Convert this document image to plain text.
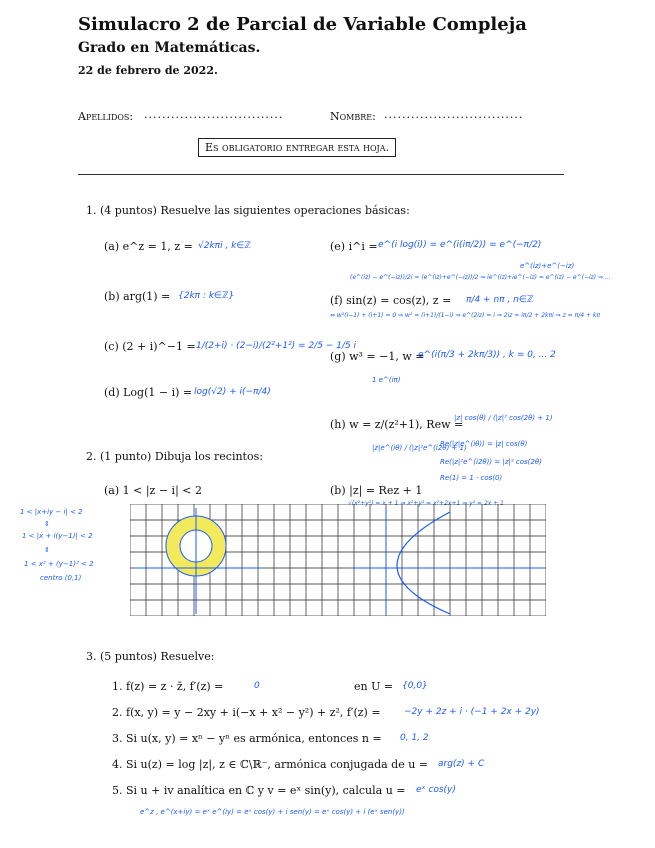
Simulacro 2 de Parcial de Variable Compleja
Grado en Matemáticas.
22 de febrero de 2022.
Apellidos: ...............................	Nombre: ...............................
Es obligatorio entregar esta hoja.
1. (4 puntos) Resuelve las siguientes operaciones básicas:
(a) e^z = 1, z = √2kπi , k∈ℤ
(b) arg(1) = {2kπ : k∈ℤ}
(c) (2 + i)^−1 = 1/(2+i) · (2−i)/(2²+1²) = 2/5 − 1/5 i
(d) Log(1 − i) = log(√2) + i(−π/4)
(e) i^i = e^(i log(i)) = e^(i(iπ/2)) = e^(−π/2)
e^(iz)+e^(−iz)
(e^(iz) − e^(−iz))/2i = (e^(iz)+e^(−iz))/2 ⇒ ie^(iz)+ie^(−iz) = e^(iz) − e^(−iz) ⇒ ...
(f) sin(z) = cos(z), z = π/4 + nπ , n∈ℤ
⇔ w²(i−1) + (i+1) = 0 ⇒ w² = (i+1)/(1−i) ⇒ e^(2iz) = i ⇒ 2iz = iπ/2 + 2kπi ⇒ z = π/4 + kπ
(g) w³ = −1, w =
e^(i(π/3 + 2kπ/3)) , k = 0, ... 2
1 e^(iπ)
(h) w = z/(z²+1), Rew =
|z| cos(θ) / (|z|² cos(2θ) + 1)
|z|e^(iθ) / (|z|²e^(i2θ) + 1)
Re(|z|e^(iθ)) = |z| cos(θ)
Re(|z|²e^(i2θ)) = |z|² cos(2θ)
Re(1) = 1 · cos(0)
2. (1 punto) Dibuja los recintos:
(a) 1 < |z − i| < 2	(b) |z| = Rez + 1
1 < |x+iy − i| < 2
⇕
1 < |x + i(y−1)| < 2
⇕
1 < x² + (y−1)² < 2
centro (0,1)
√(x²+y²) = x + 1 ⇒ x²+y² = x²+2x+1 ⇒ y² = 2x + 1
3. (5 puntos) Resuelve:
1. f(z) = z · z̄, f′(z) =	0	en U = {0,0}
2. f(x, y) = y − 2xy + i(−x + x² − y²) + z², f′(z) =	−2y + 2z + i · (−1 + 2x + 2y)
3. Si u(x, y) = xⁿ − yⁿ es armónica, entonces n = 0, 1, 2
4. Si u(z) = log |z|, z ∈ ℂ\ℝ⁻, armónica conjugada de u = arg(z) + C
5. Si u + iv analítica en ℂ y v = eˣ sin(y), calcula u = eˣ cos(y)
e^z , e^(x+iy) = eˣ e^(iy) = eˣ cos(y) + i sen(y) = eˣ cos(y) + i (eˣ sen(y))
